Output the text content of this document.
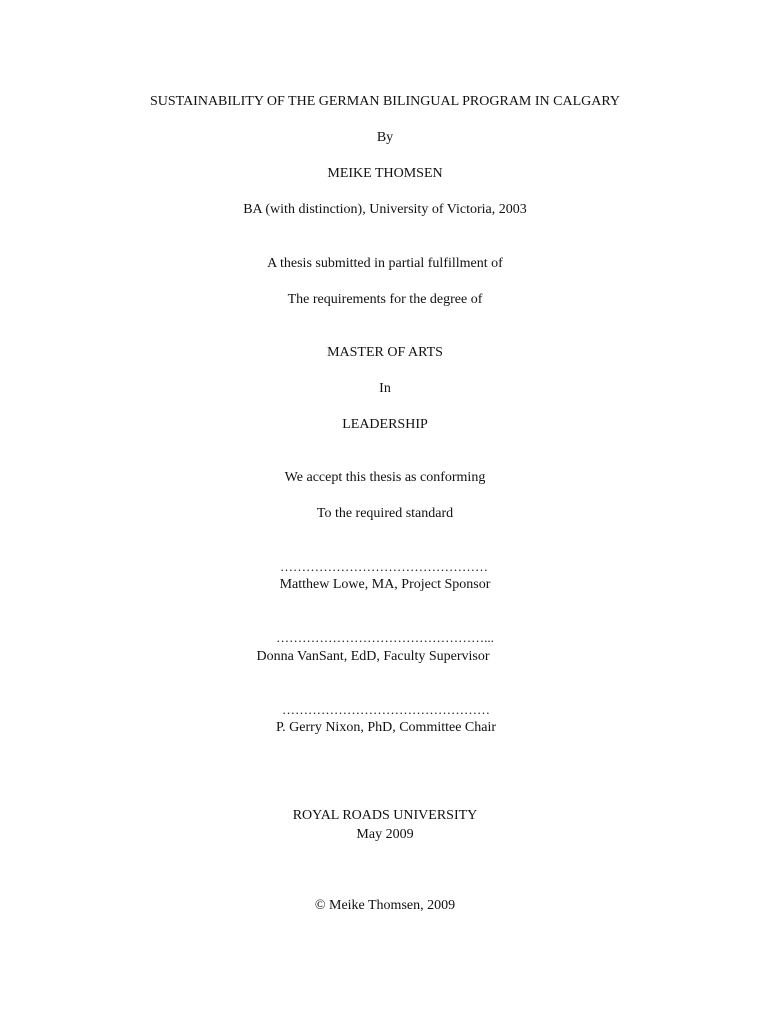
SUSTAINABILITY OF THE GERMAN BILINGUAL PROGRAM IN CALGARY
By
MEIKE THOMSEN
BA (with distinction), University of Victoria, 2003
A thesis submitted in partial fulfillment of
The requirements for the degree of
MASTER OF ARTS
In
LEADERSHIP
We accept this thesis as conforming
To the required standard
…………………………………………
Matthew Lowe, MA, Project Sponsor
…………………………………………...
Donna VanSant, EdD, Faculty Supervisor
…………………………………………
P. Gerry Nixon, PhD, Committee Chair
ROYAL ROADS UNIVERSITY
May 2009
© Meike Thomsen, 2009
